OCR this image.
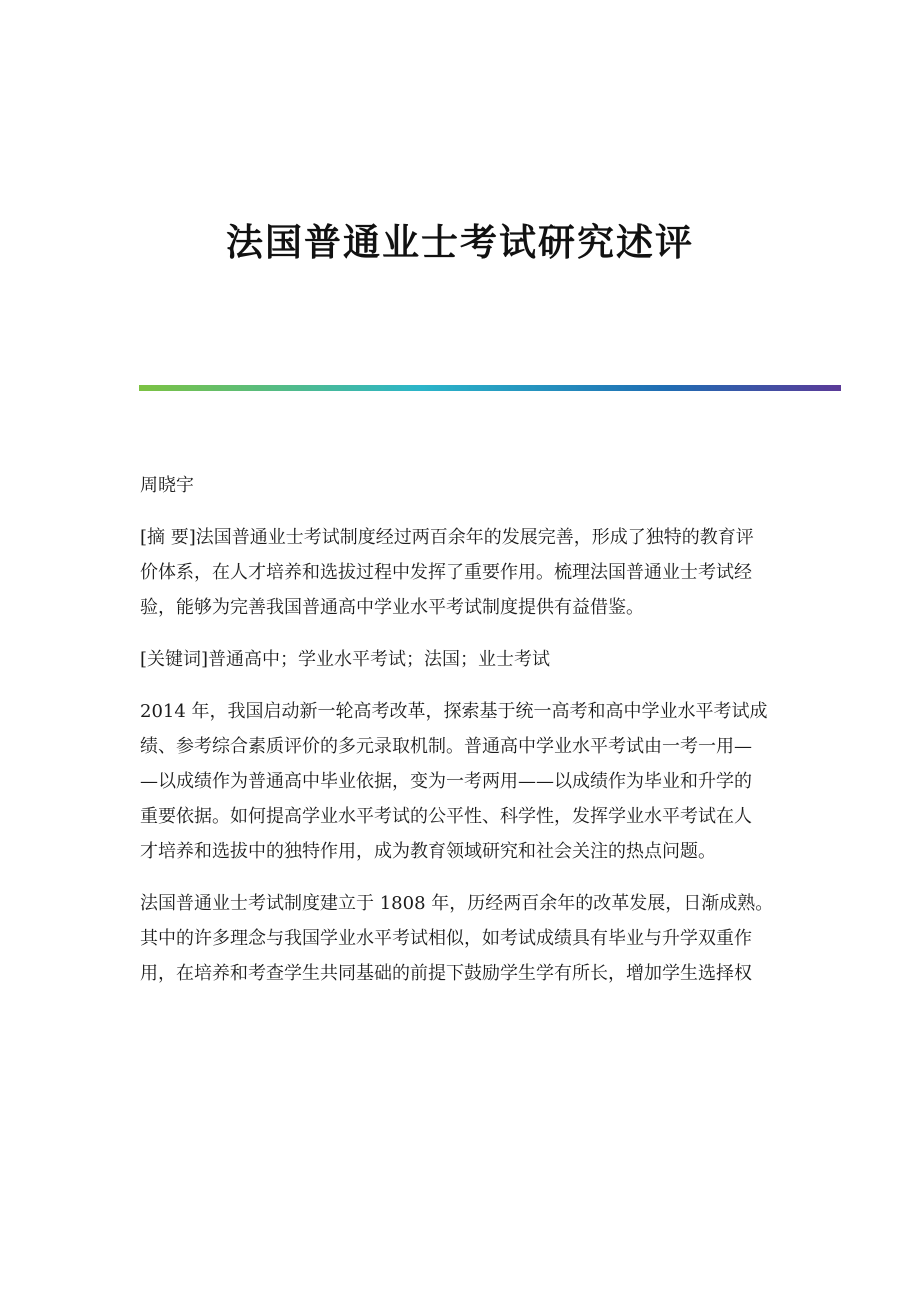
法国普通业士考试研究述评

周晓宇

[摘 要]法国普通业士考试制度经过两百余年的发展完善，形成了独特的教育评
价体系，在人才培养和选拔过程中发挥了重要作用。梳理法国普通业士考试经
验，能够为完善我国普通高中学业水平考试制度提供有益借鉴。

[关键词]普通高中；学业水平考试；法国；业士考试

2014 年，我国启动新一轮高考改革，探索基于统一高考和高中学业水平考试成
绩、参考综合素质评价的多元录取机制。普通高中学业水平考试由一考一用—
—以成绩作为普通高中毕业依据，变为一考两用——以成绩作为毕业和升学的
重要依据。如何提高学业水平考试的公平性、科学性，发挥学业水平考试在人
才培养和选拔中的独特作用，成为教育领域研究和社会关注的热点问题。

法国普通业士考试制度建立于 1808 年，历经两百余年的改革发展，日渐成熟。
其中的许多理念与我国学业水平考试相似，如考试成绩具有毕业与升学双重作
用，在培养和考查学生共同基础的前提下鼓励学生学有所长，增加学生选择权
